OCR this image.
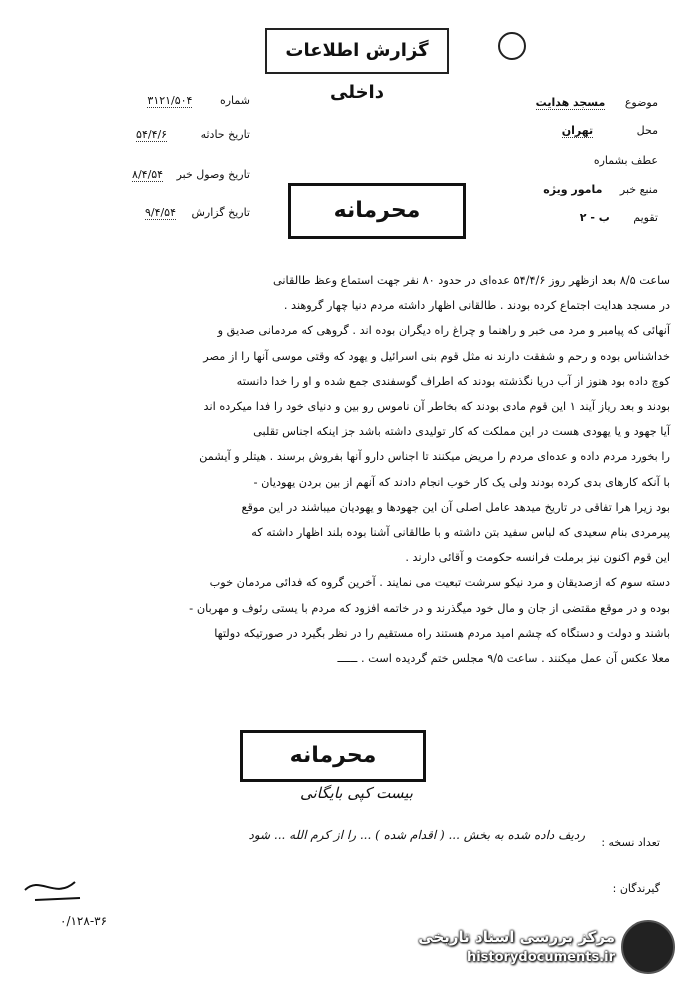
گزارش اطلاعات داخلی
شماره ۳۱۲۱/۵۰۴
تاریخ حادثه ۵۴/۴/۶
تاریخ وصول خبر ۸/۴/۵۴
تاریخ گزارش ۹/۴/۵۴
موضوع مسجد هدایت
محل تهران
عطف بشماره
منبع خبر مامور ویژه
تقویم ب - ۲
محرمانه

ساعت ۸/۵ بعد ازظهر روز ۵۴/۴/۶ عده‌ای در حدود ۸۰ نفر جهت استماع وعظ طالقانی

در مسجد هدایت اجتماع کرده بودند . طالقانی اظهار داشته مردم دنیا چهار گروهند .

آنهائی که پیامبر و مرد می خبر و راهنما و چراغ راه دیگران بوده اند . گروهی که مردمانی صدیق و

خداشناس بوده و رحم و شفقت دارند نه مثل قوم بنی اسرائیل و یهود که وقتی موسی آنها را از مصر

کوچ داده بود هنوز از آب دریا نگذشته بودند که اطراف گوسفندی جمع شده و او را خدا دانسته

بودند و بعد ریاز آیند ۱ این قوم مادی بودند که بخاطر آن ناموس رو بین و دنیای خود را فدا میکرده اند

آیا جهود و یا یهودی هست در این مملکت که کار تولیدی داشته باشد جز اینکه اجناس تقلبی

را بخورد مردم داده و عده‌ای مردم را مریض میکنند تا اجناس دارو آنها بفروش برسند . هیتلر و آیشمن

با آنکه کارهای بدی کرده بودند ولی یک کار خوب انجام دادند که آنهم از بین بردن یهودیان -

بود زیرا هرا تفاقی در تاریخ میدهد عامل اصلی آن این جهودها و یهودیان میباشند در این موقع

پیرمردی بنام سعیدی که لباس سفید بتن داشته و با طالقانی آشنا بوده بلند اظهار داشته که

این قوم اکنون نیز برملت فرانسه حکومت و آقائی دارند .

دسته سوم که ازصدیقان و مرد نیکو سرشت تبعیت می نمایند . آخرین گروه که فدائی مردمان خوب

بوده و در موقع مقتضی از جان و مال خود میگذرند و در خاتمه افزود که مردم با یستی رئوف و مهربان -

باشند و دولت و دستگاه که چشم امید مردم هستند راه مستقیم را در نظر بگیرد در صورتیکه دولتها

معلا عکس آن عمل میکنند . ساعت ۹/۵ مجلس ختم گردیده است . ــــــ

محرمانه
بیست کپی بایگانی
تعداد نسخه :
گیرندگان :
ردیف داده شده به بخش ... ( اقدام شده ) ... را از کرم الله ... شود
۰/۱۲۸-۳۶
مرکز بررسی اسناد تاریخی
historydocuments.ir
